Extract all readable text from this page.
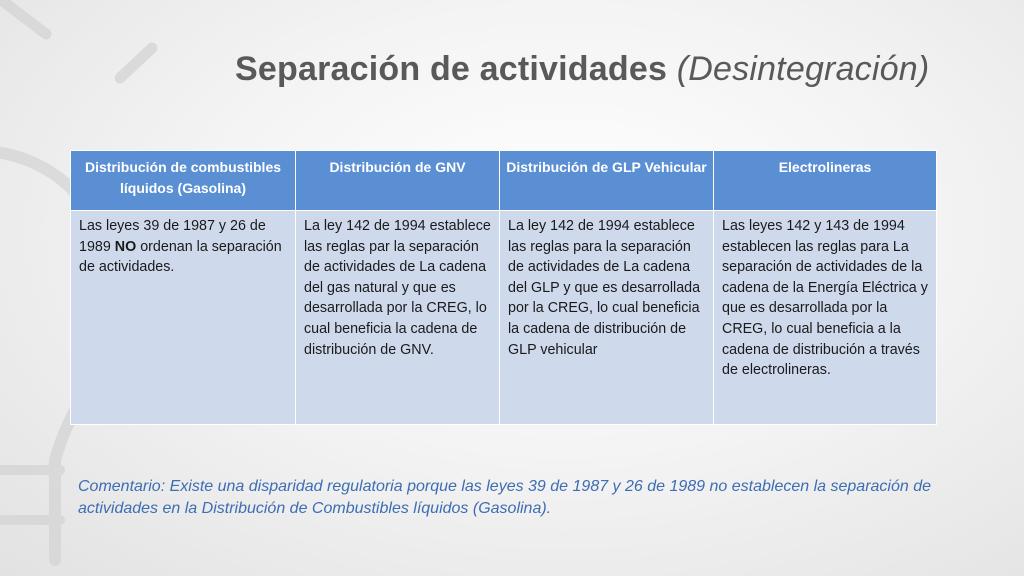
Separación de actividades (Desintegración)
Distribución de combustibles líquidos (Gasolina)	Distribución de GNV	Distribución de GLP Vehicular	Electrolineras

Las leyes 39 de 1987 y 26 de 1989 NO ordenan la separación de actividades.	La ley 142 de 1994 establece las reglas par la separación de actividades de La cadena del gas natural y que es desarrollada por la CREG, lo cual beneficia la cadena de distribución de GNV.	La ley 142 de 1994 establece las reglas para la separación de actividades de La cadena del GLP y que es desarrollada por la CREG, lo cual beneficia la cadena de distribución de GLP vehicular	Las leyes 142 y 143 de 1994 establecen las reglas para La separación de actividades de la cadena de la Energía Eléctrica y que es desarrollada por la CREG, lo cual beneficia a la cadena de distribución a través de electrolineras.

Comentario: Existe una disparidad regulatoria porque las leyes 39 de 1987 y 26 de 1989 no establecen la separación de actividades en la Distribución de Combustibles líquidos (Gasolina).
